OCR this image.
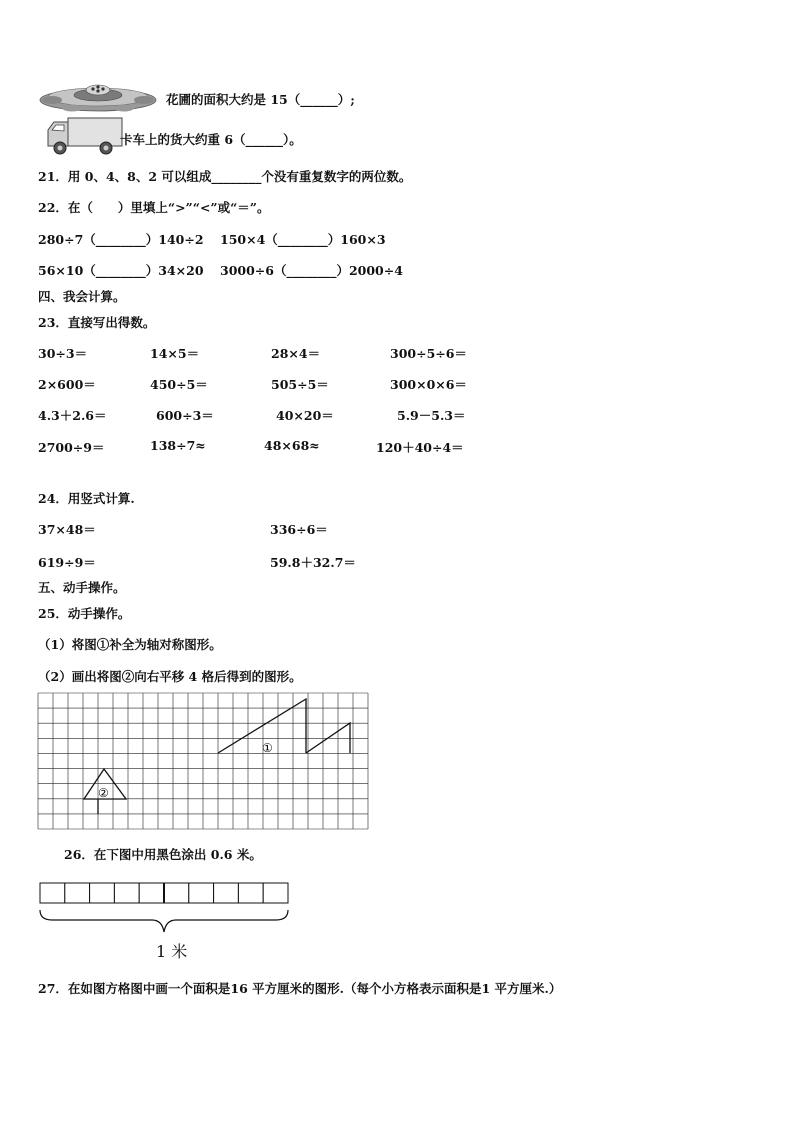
花圃的面积大约是 15（______）;
卡车上的货大约重 6（______）。
21．用 0、4、8、2 可以组成________个没有重复数字的两位数。
22．在（　　）里填上“>”“<”或“＝”。
280÷7（________）140÷2 150×4（________）160×3
56×10（________）34×20 3000÷6（________）2000÷4
四、我会计算。
23．直接写出得数。
30÷3＝	14×5＝	28×4＝	300÷5÷6＝
2×600＝	450÷5＝	505÷5＝	300×0×6＝
4.3＋2.6＝	600÷3＝	40×20＝	5.9－5.3＝
2700÷9＝	138÷7≈	48×68≈	120＋40÷4＝
24．用竖式计算.
37×48＝	336÷6＝
619÷9＝	59.8＋32.7＝
五、动手操作。
25．动手操作。
（1）将图①补全为轴对称图形。
（2）画出将图②向右平移 4 格后得到的图形。
①
②
26．在下图中用黑色涂出 0.6 米。
1 米
27．在如图方格图中画一个面积是16 平方厘米的图形.（每个小方格表示面积是1 平方厘米.）
